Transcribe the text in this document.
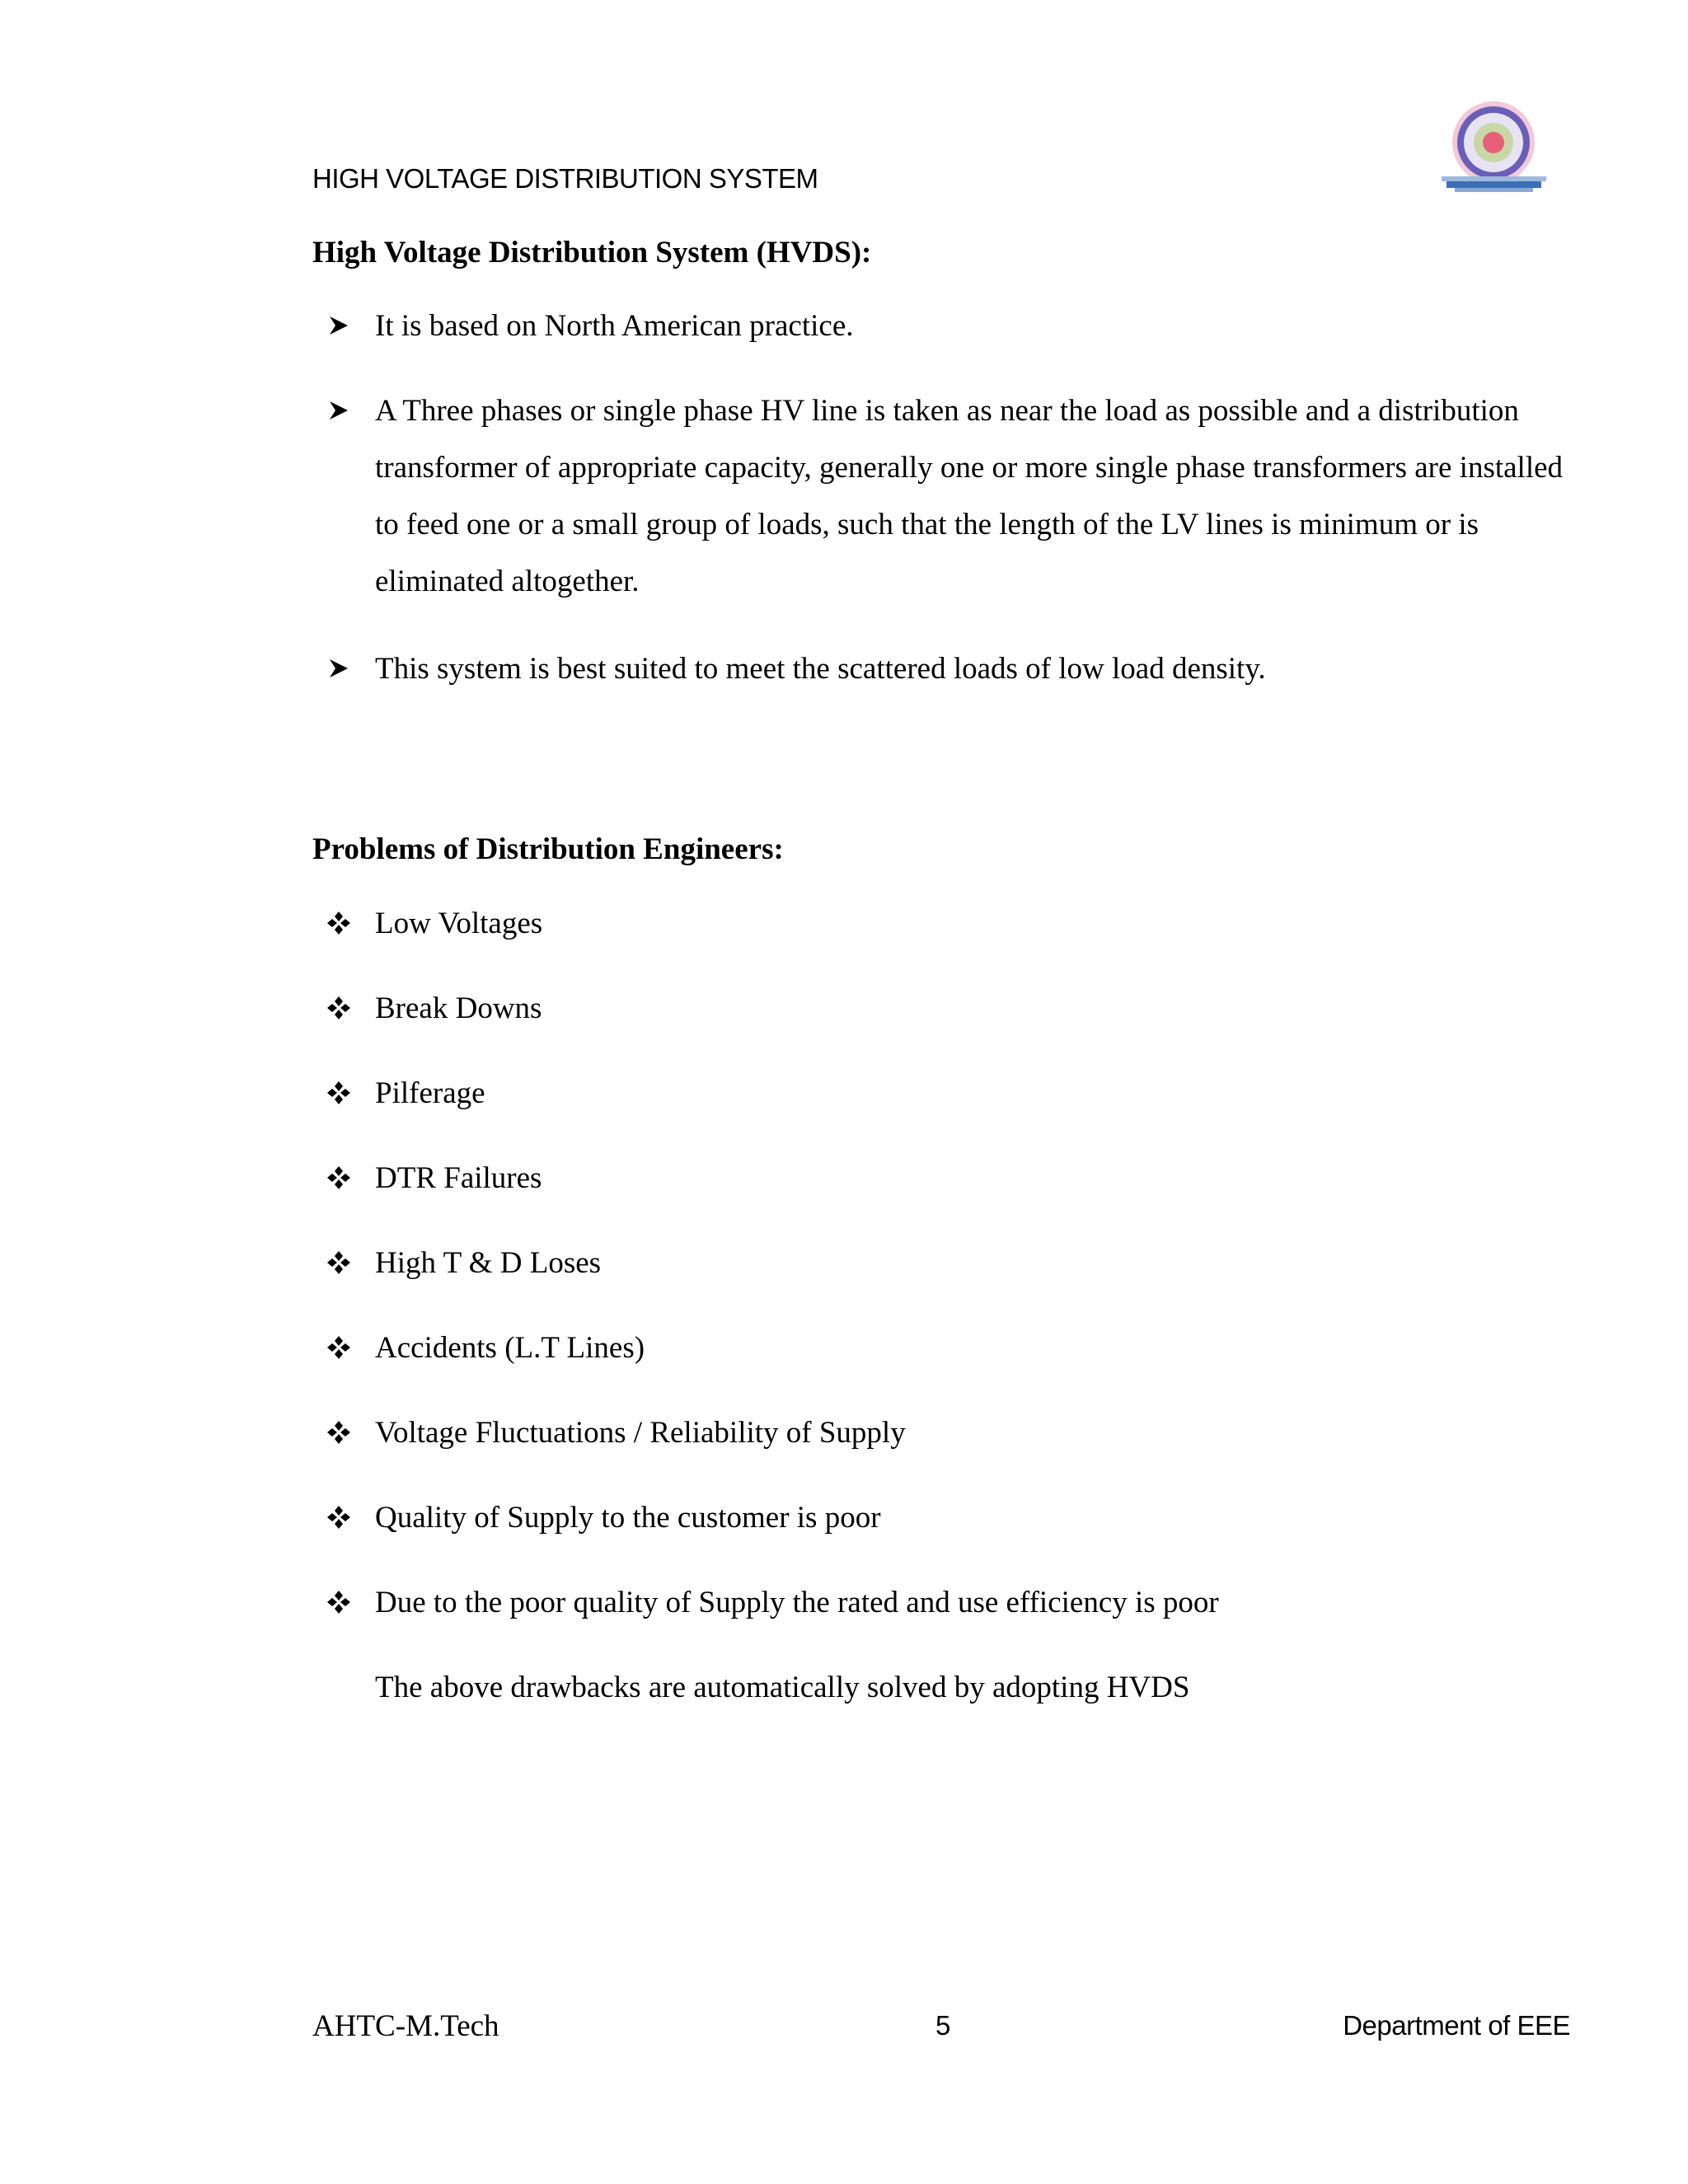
HIGH VOLTAGE DISTRIBUTION SYSTEM
High Voltage Distribution System (HVDS):
It is based on North American practice.
A Three phases or single phase HV line is taken as near the load as possible and a distribution transformer of appropriate capacity, generally one or more single phase transformers are installed to feed one or a small group of loads, such that the length of the LV lines is minimum or is eliminated altogether.
This system is best suited to meet the scattered loads of low load density.
Problems of Distribution Engineers:
Low Voltages
Break Downs
Pilferage
DTR Failures
High T & D Loses
Accidents (L.T Lines)
Voltage Fluctuations / Reliability of Supply
Quality of Supply to the customer is poor
Due to the poor quality of Supply the rated and use efficiency is poor
The above drawbacks are automatically solved by adopting HVDS
AHTC-M.Tech	5	Department of EEE
